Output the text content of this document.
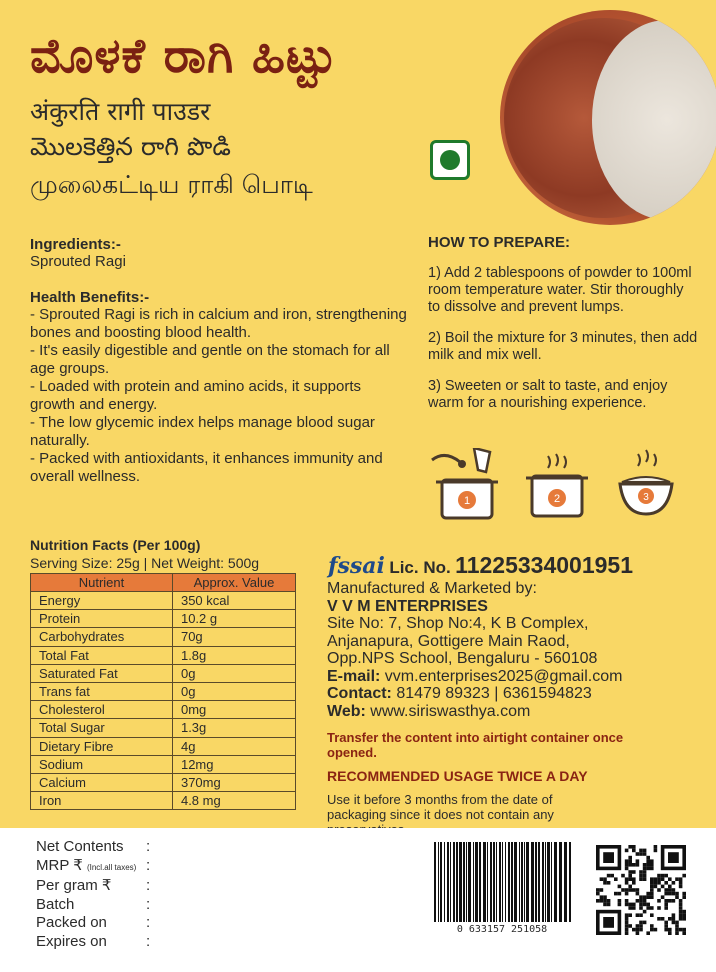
ಮೊಳಕೆ ರಾಗಿ ಹಿಟ್ಟು
अंकुरति रागी पाउडर
మొలకెత్తిన రాగి పొడి
முலைகட்டிய ராகி பொடி
Ingredients:-
Sprouted Ragi
Health Benefits:-
- Sprouted Ragi is rich in calcium and iron, strengthening bones and boosting blood health.
- It's easily digestible and gentle on the stomach for all age groups.
- Loaded with protein and amino acids, it supports growth and energy.
- The low glycemic index helps manage blood sugar naturally.
- Packed with antioxidants, it enhances immunity and overall wellness.
HOW TO PREPARE:

1) Add 2 tablespoons of powder to 100ml room temperature water. Stir thoroughly to dissolve and prevent lumps.

2) Boil the mixture for 3 minutes, then add milk and mix well.

3) Sweeten or salt to taste, and enjoy warm for a nourishing experience.

1	2	3
Nutrition Facts (Per 100g)
Serving Size: 25g | Net Weight: 500g
Nutrient	Approx. Value
Energy	350 kcal
Protein	10.2 g
Carbohydrates	70g
Total Fat	1.8g
Saturated Fat	0g
Trans fat	0g
Cholesterol	0mg
Total Sugar	1.3g
Dietary Fibre	4g
Sodium	12mg
Calcium	370mg
Iron	4.8 mg
fssai Lic. No. 11225334001951
Manufactured & Marketed by:
V V M ENTERPRISES
Site No: 7, Shop No:4, K B Complex,
Anjanapura, Gottigere Main Raod,
Opp.NPS School, Bengaluru - 560108
E-mail: vvm.enterprises2025@gmail.com
Contact: 81479 89323 | 6361594823
Web: www.siriswasthya.com
Transfer the content into airtight container once opened.
RECOMMENDED USAGE TWICE A DAY
Use it before 3 months from the date of packaging since it does not contain any
Net Contents	:
MRP ₹ (Incl.all taxes) :
Per gram ₹	:
Batch	:
Packed on	:
Expires on	:
0 633157 251058
